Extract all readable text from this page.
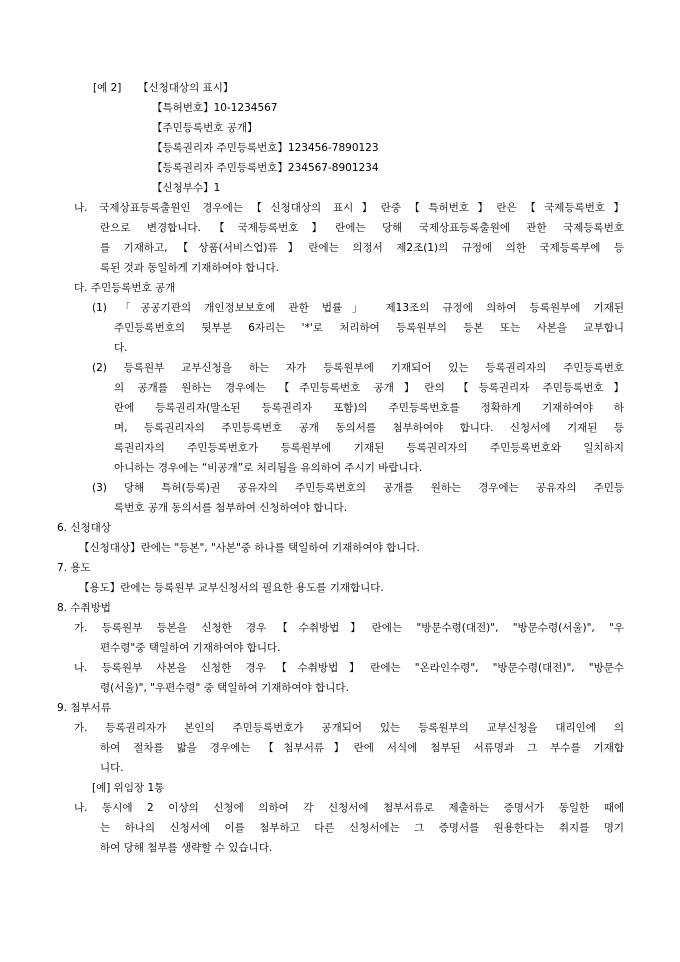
[예 2] 【신청대상의 표시】
【특허번호】10-1234567
【주민등록번호 공개】
【등록권리자 주민등록번호】123456-7890123
【등록권리자 주민등록번호】234567-8901234
【신청부수】1
나. 국제상표등록출원인 경우에는【신청대상의 표시】란중【특허번호】란은【국제등록번호】
란으로 변경합니다.【국제등록번호】란에는 당해 국제상표등록출원에 관한 국제등록번호
를 기재하고,【상품(서비스업)류】란에는 의정서 제2조(1)의 규정에 의한 국제등록부에 등
록된 것과 동일하게 기재하여야 합니다.
다. 주민등록번호 공개
(1) 「공공기관의 개인정보보호에 관한 법률」 제13조의 규정에 의하여 등록원부에 기재된
주민등록번호의 뒷부분 6자리는 '*'로 처리하여 등록원부의 등본 또는 사본을 교부합니
다.
(2) 등록원부 교부신청을 하는 자가 등록원부에 기재되어 있는 등록권리자의 주민등록번호
의 공개를 원하는 경우에는 【주민등록번호 공개】란의 【등록권리자 주민등록번호】
란에 등록권리자(말소된 등록권리자 포함)의 주민등록번호를 정확하게 기재하여야 하
며, 등록권리자의 주민등록번호 공개 동의서를 첨부하여야 합니다. 신청서에 기재된 등
록권리자의 주민등록번호가 등록원부에 기재된 등록권리자의 주민등록번호와 일치하지
아니하는 경우에는 “비공개”로 처리됨을 유의하여 주시기 바랍니다.
(3) 당해 특허(등록)권 공유자의 주민등록번호의 공개를 원하는 경우에는 공유자의 주민등
록번호 공개 동의서를 첨부하여 신청하여야 합니다.
6. 신청대상
【신청대상】란에는 "등본", "사본"중 하나를 택일하여 기재하여야 합니다.
7. 용도
【용도】란에는 등록원부 교부신청서의 필요한 용도를 기재합니다.
8. 수취방법
가. 등록원부 등본을 신청한 경우【수취방법】란에는 "방문수령(대전)", "방문수령(서울)", "우
편수령"중 택일하여 기재하여야 합니다.
나. 등록원부 사본을 신청한 경우【수취방법】란에는 "온라인수령", "방문수령(대전)", "방문수
령(서울)", "우편수령" 중 택일하여 기재하여야 합니다.
9. 첨부서류
가. 등록권리자가 본인의 주민등록번호가 공개되어 있는 등록원부의 교부신청을 대리인에 의
하여 절차를 밟을 경우에는 【첨부서류】란에 서식에 첨부된 서류명과 그 부수를 기재합
니다.
[예] 위임장 1통
나. 동시에 2 이상의 신청에 의하여 각 신청서에 첨부서류로 제출하는 증명서가 동일한 때에
는 하나의 신청서에 이를 첨부하고 다른 신청서에는 그 증명서를 원용한다는 취지를 명기
하여 당해 첨부를 생략할 수 있습니다.
